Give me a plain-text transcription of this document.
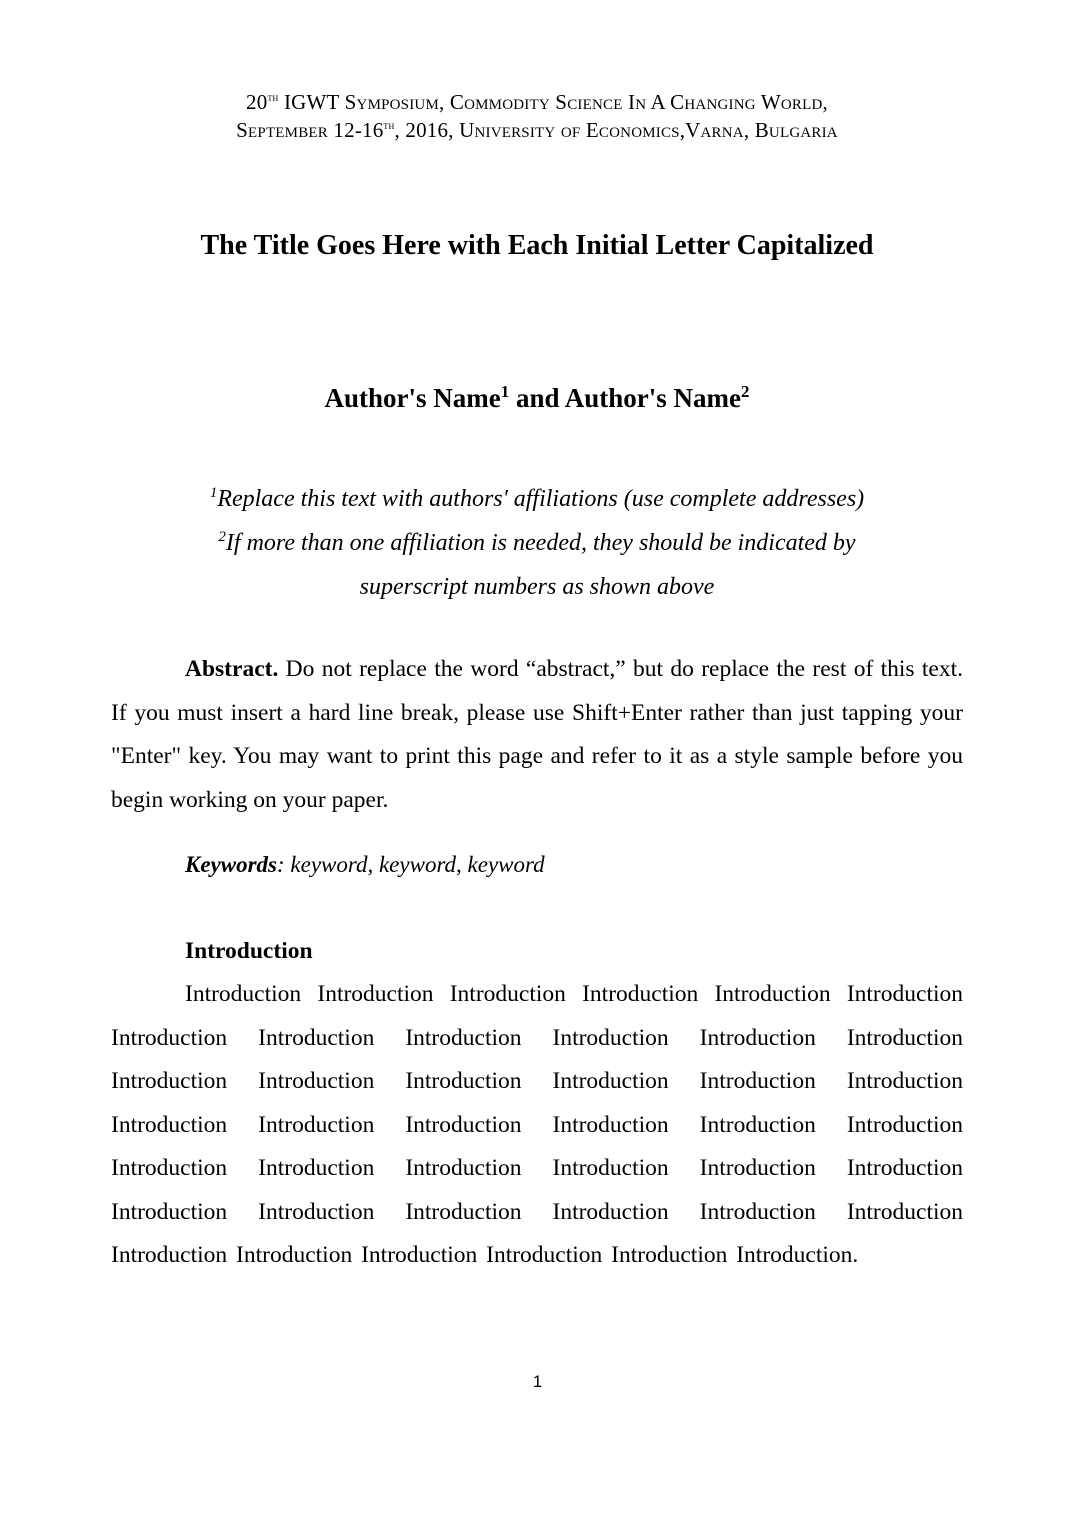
20th IGWT Symposium, Commodity Science In A Changing World,
September 12-16th, 2016, University of Economics,Varna, Bulgaria
The Title Goes Here with Each Initial Letter Capitalized
Author's Name$^1$ and Author's Name$^2$
$^1$Replace this text with authors' affiliations (use complete addresses)
$^2$If more than one affiliation is needed, they should be indicated by
superscript numbers as shown above

Abstract. Do not replace the word “abstract,” but do replace the rest of this text. If you must insert a hard line break, please use Shift+Enter rather than just tapping your "Enter" key. You may want to print this page and refer to it as a style sample before you begin working on your paper.

Keywords: keyword, keyword, keyword

Introduction

Introduction Introduction Introduction Introduction Introduction Introduction Introduction Introduction Introduction Introduction Introduction Introduction Introduction Introduction Introduction Introduction Introduction Introduction Introduction Introduction Introduction Introduction Introduction Introduction Introduction Introduction Introduction Introduction Introduction Introduction Introduction Introduction Introduction Introduction Introduction Introduction Introduction Introduction Introduction Introduction Introduction Introduction.

1
